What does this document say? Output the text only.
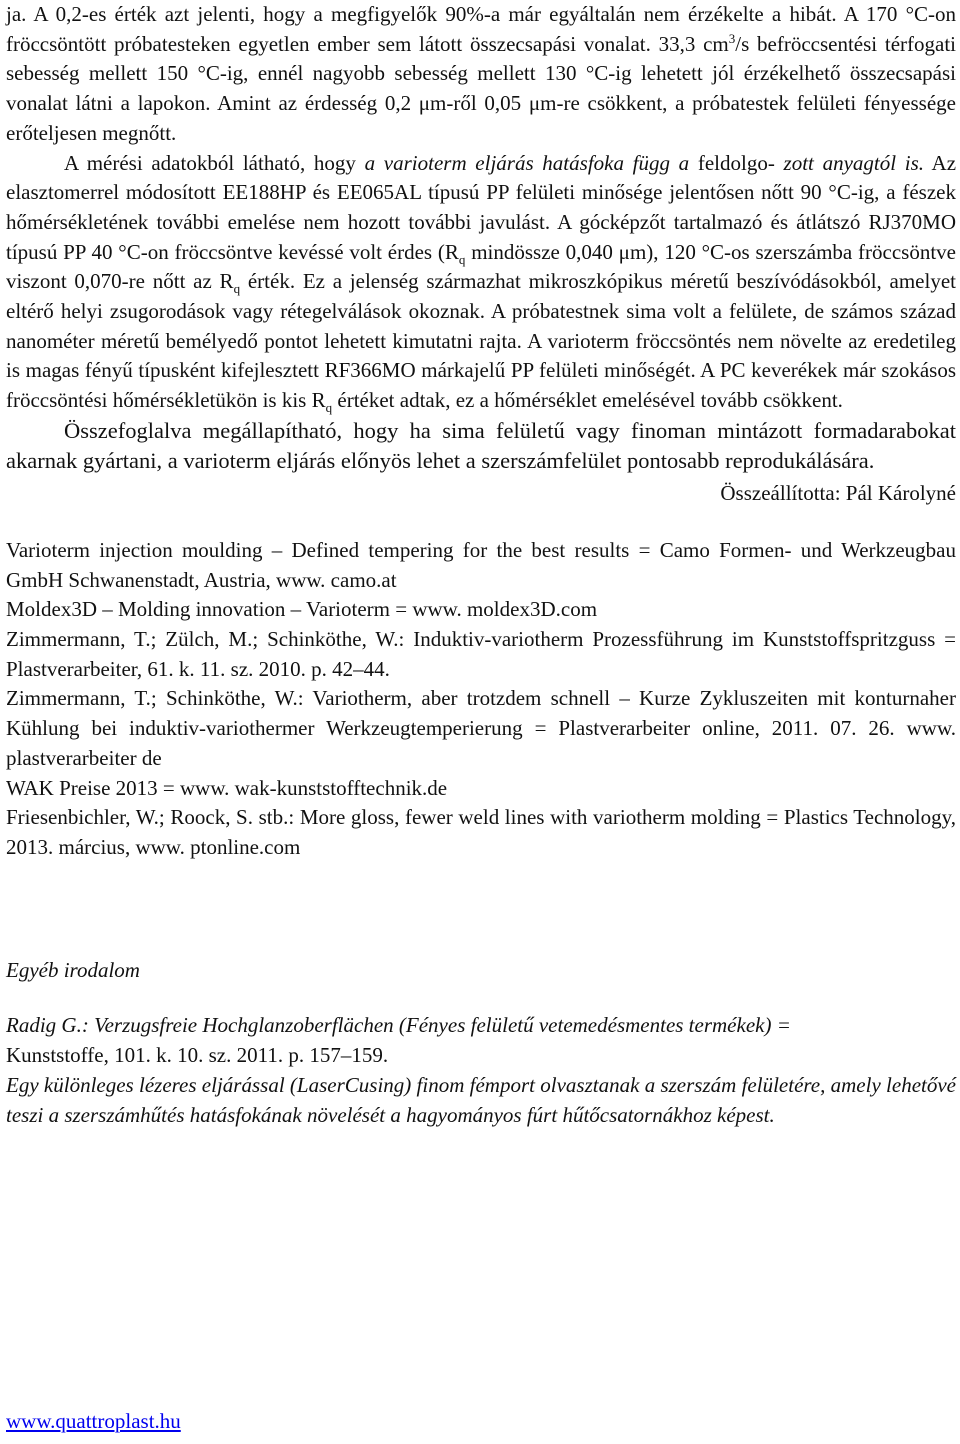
ja. A 0,2-es érték azt jelenti, hogy a megfigyelők 90%-a már egyáltalán nem érzékelte a hibát. A 170 °C-on fröccsöntött próbatesteken egyetlen ember sem látott összecsapási vonalat. 33,3 $cm^3/s$ befröccsentési térfogati sebesség mellett 150 °C-ig, ennél nagyobb sebesség mellett 130 °C-ig lehetett jól érzékelhető összecsapási vonalat látni a lapokon. Amint az érdesség 0,2 μm-ről 0,05 μm-re csökkent, a próbatestek felületi fényessége erőteljesen megnőtt.

A mérési adatokból látható, hogy a varioterm eljárás hatásfoka függ a feldolgo- zott anyagtól is. Az elasztomerrel módosított EE188HP és EE065AL típusú PP felületi minősége jelentősen nőtt 90 °C-ig, a fészek hőmérsékletének további emelése nem hozott további javulást. A gócképzőt tartalmazó és átlátszó RJ370MO típusú PP 40 °C-on fröccsöntve kevéssé volt érdes ($R_q$ mindössze 0,040 μm), 120 °C-os szerszámba fröccsöntve viszont 0,070-re nőtt az $R_q$ érték. Ez a jelenség származhat mikroszkópikus méretű beszívódásokból, amelyet eltérő helyi zsugorodások vagy rétegelválások okoznak. A próbatestnek sima volt a felülete, de számos század nanométer méretű bemélyedő pontot lehetett kimutatni rajta. A varioterm fröccsöntés nem növelte az eredetileg is magas fényű típusként kifejlesztett RF366MO márkajelű PP felületi minőségét. A PC keverékek már szokásos fröccsöntési hőmérsékletükön is kis $R_q$ értéket adtak, ez a hőmérséklet emelésével tovább csökkent.

Összefoglalva megállapítható, hogy ha sima felületű vagy finoman mintázott formadarabokat akarnak gyártani, a varioterm eljárás előnyös lehet a szerszámfelület pontosabb reprodukálására.

Összeállította: Pál Károlyné

Varioterm injection moulding – Defined tempering for the best results = Camo Formen- und Werkzeugbau GmbH Schwanenstadt, Austria, www. camo.at

Moldex3D – Molding innovation – Varioterm = www. moldex3D.com

Zimmermann, T.; Zülch, M.; Schinköthe, W.: Induktiv-variotherm Prozessführung im Kunststoffspritzguss = Plastverarbeiter, 61. k. 11. sz. 2010. p. 42–44.

Zimmermann, T.; Schinköthe, W.: Variotherm, aber trotzdem schnell – Kurze Zykluszeiten mit konturnaher Kühlung bei induktiv-variothermer Werkzeugtemperierung = Plastverarbeiter online, 2011. 07. 26. www. plastverarbeiter de

WAK Preise 2013 = www. wak-kunststofftechnik.de

Friesenbichler, W.; Roock, S. stb.: More gloss, fewer weld lines with variotherm molding = Plastics Technology, 2013. március, www. ptonline.com

Egyéb irodalom

Radig G.: Verzugsfreie Hochglanzoberflächen (Fényes felületű vetemedésmentes termékek) =
Kunststoffe, 101. k. 10. sz. 2011. p. 157–159.

Egy különleges lézeres eljárással (LaserCusing) finom fémport olvasztanak a szerszám felületére, amely lehetővé teszi a szerszámhűtés hatásfokának növelését a hagyományos fúrt hűtőcsatornákhoz képest.

www.quattroplast.hu
